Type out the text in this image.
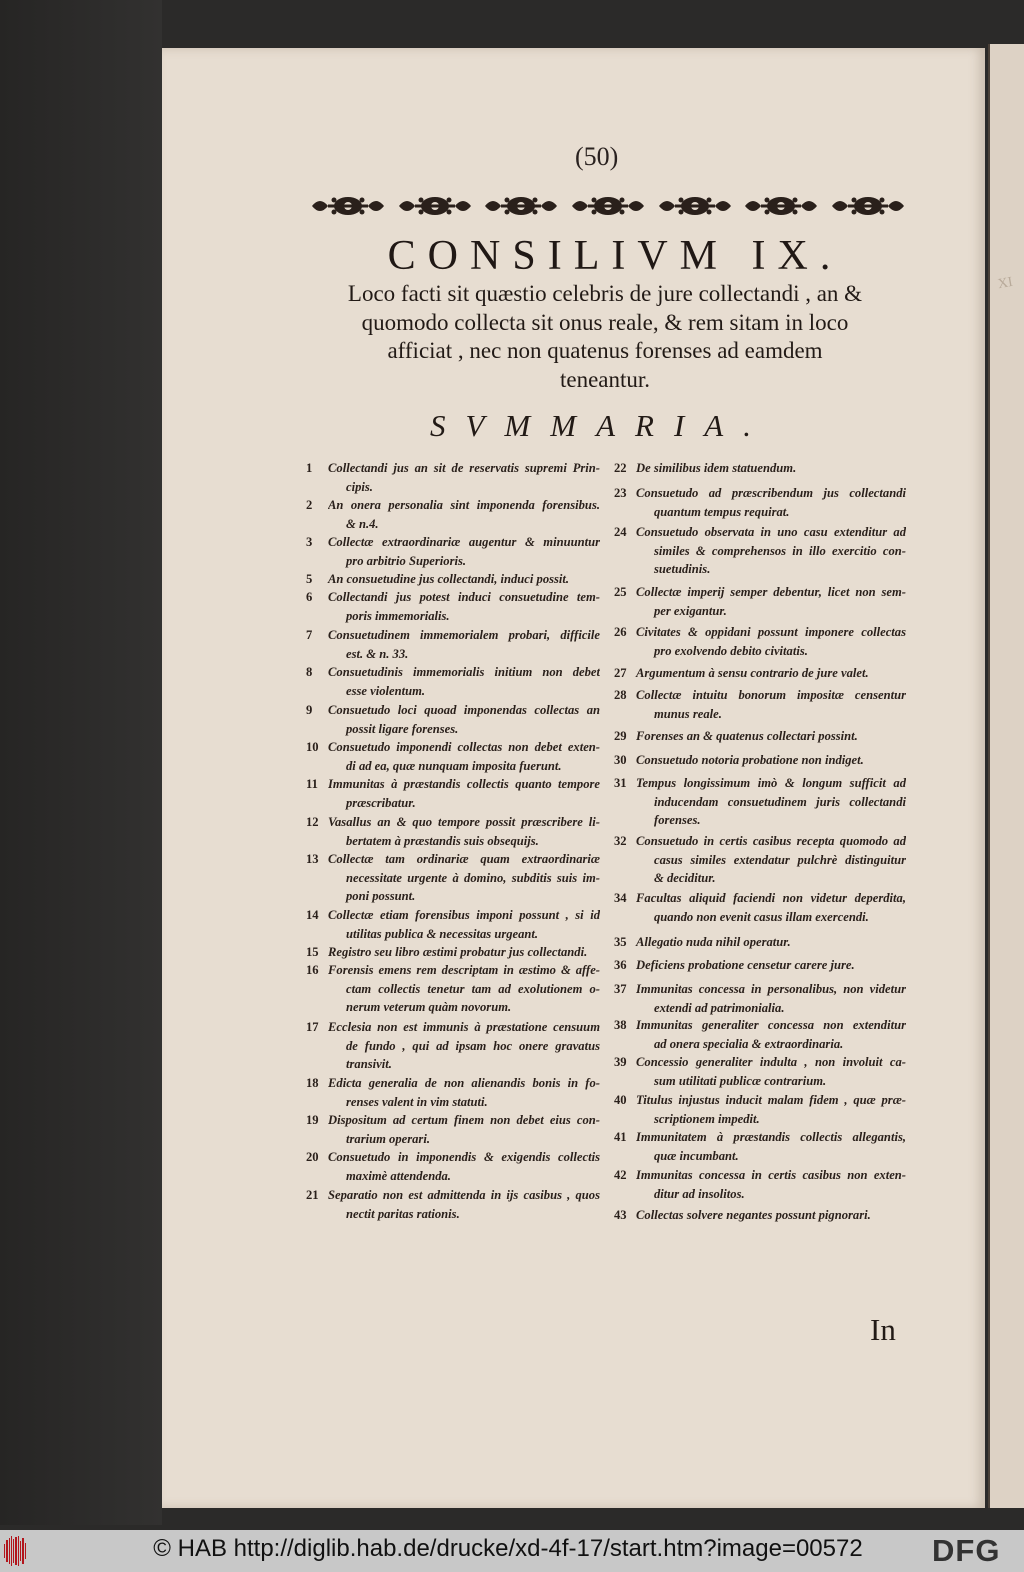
XI
(50)
CONSILIVM IX.
Loco facti sit quæstio celebris de jure collectandi , an &
quomodo collecta sit onus reale, & rem sitam in loco
afficiat , nec non quatenus forenses ad eamdem
teneantur.
SVMMARIA.
1 Collectandi jus an sit de reservatis supremi Prin-
cipis.
2 An onera personalia sint imponenda forensibus.
& n.4.
3 Collectæ extraordinariæ augentur & minuuntur
pro arbitrio Superioris.
5 An consuetudine jus collectandi, induci possit.
6 Collectandi jus potest induci consuetudine tem-
poris immemorialis.
7 Consuetudinem immemorialem probari, difficile
est. & n. 33.
8 Consuetudinis immemorialis initium non debet
esse violentum.
9 Consuetudo loci quoad imponendas collectas an
possit ligare forenses.
10 Consuetudo imponendi collectas non debet exten-
di ad ea, quæ nunquam imposita fuerunt.
11 Immunitas à præstandis collectis quanto tempore
præscribatur.
12 Vasallus an & quo tempore possit præscribere li-
bertatem à præstandis suis obsequijs.
13 Collectæ tam ordinariæ quam extraordinariæ
necessitate urgente à domino, subditis suis im-
poni possunt.
14 Collectæ etiam forensibus imponi possunt , si id
utilitas publica & necessitas urgeant.
15 Registro seu libro æstimi probatur jus collectandi.
16 Forensis emens rem descriptam in æstimo & affe-
ctam collectis tenetur tam ad exolutionem o-
nerum veterum quàm novorum.
17 Ecclesia non est immunis à præstatione censuum
de fundo , qui ad ipsam hoc onere gravatus
transivit.
18 Edicta generalia de non alienandis bonis in fo-
renses valent in vim statuti.
19 Dispositum ad certum finem non debet eius con-
trarium operari.
20 Consuetudo in imponendis & exigendis collectis
maximè attendenda.
21 Separatio non est admittenda in ijs casibus , quos
nectit paritas rationis.
22 De similibus idem statuendum.
23 Consuetudo ad præscribendum jus collectandi
quantum tempus requirat.
24 Consuetudo observata in uno casu extenditur ad
similes & comprehensos in illo exercitio con-
suetudinis.
25 Collectæ imperij semper debentur, licet non sem-
per exigantur.
26 Civitates & oppidani possunt imponere collectas
pro exolvendo debito civitatis.
27 Argumentum à sensu contrario de jure valet.
28 Collectæ intuitu bonorum impositæ censentur
munus reale.
29 Forenses an & quatenus collectari possint.
30 Consuetudo notoria probatione non indiget.
31 Tempus longissimum imò & longum sufficit ad
inducendam consuetudinem juris collectandi
forenses.
32 Consuetudo in certis casibus recepta quomodo ad
casus similes extendatur pulchrè distinguitur
& deciditur.
34 Facultas aliquid faciendi non videtur deperdita,
quando non evenit casus illam exercendi.
35 Allegatio nuda nihil operatur.
36 Deficiens probatione censetur carere jure.
37 Immunitas concessa in personalibus, non videtur
extendi ad patrimonialia.
38 Immunitas generaliter concessa non extenditur
ad onera specialia & extraordinaria.
39 Concessio generaliter indulta , non involuit ca-
sum utilitati publicæ contrarium.
40 Titulus injustus inducit malam fidem , quæ præ-
scriptionem impedit.
41 Immunitatem à præstandis collectis allegantis,
quæ incumbant.
42 Immunitas concessa in certis casibus non exten-
ditur ad insolitos.
43 Collectas solvere negantes possunt pignorari.
In
© HAB http://diglib.hab.de/drucke/xd-4f-17/start.htm?image=00572	DFG
